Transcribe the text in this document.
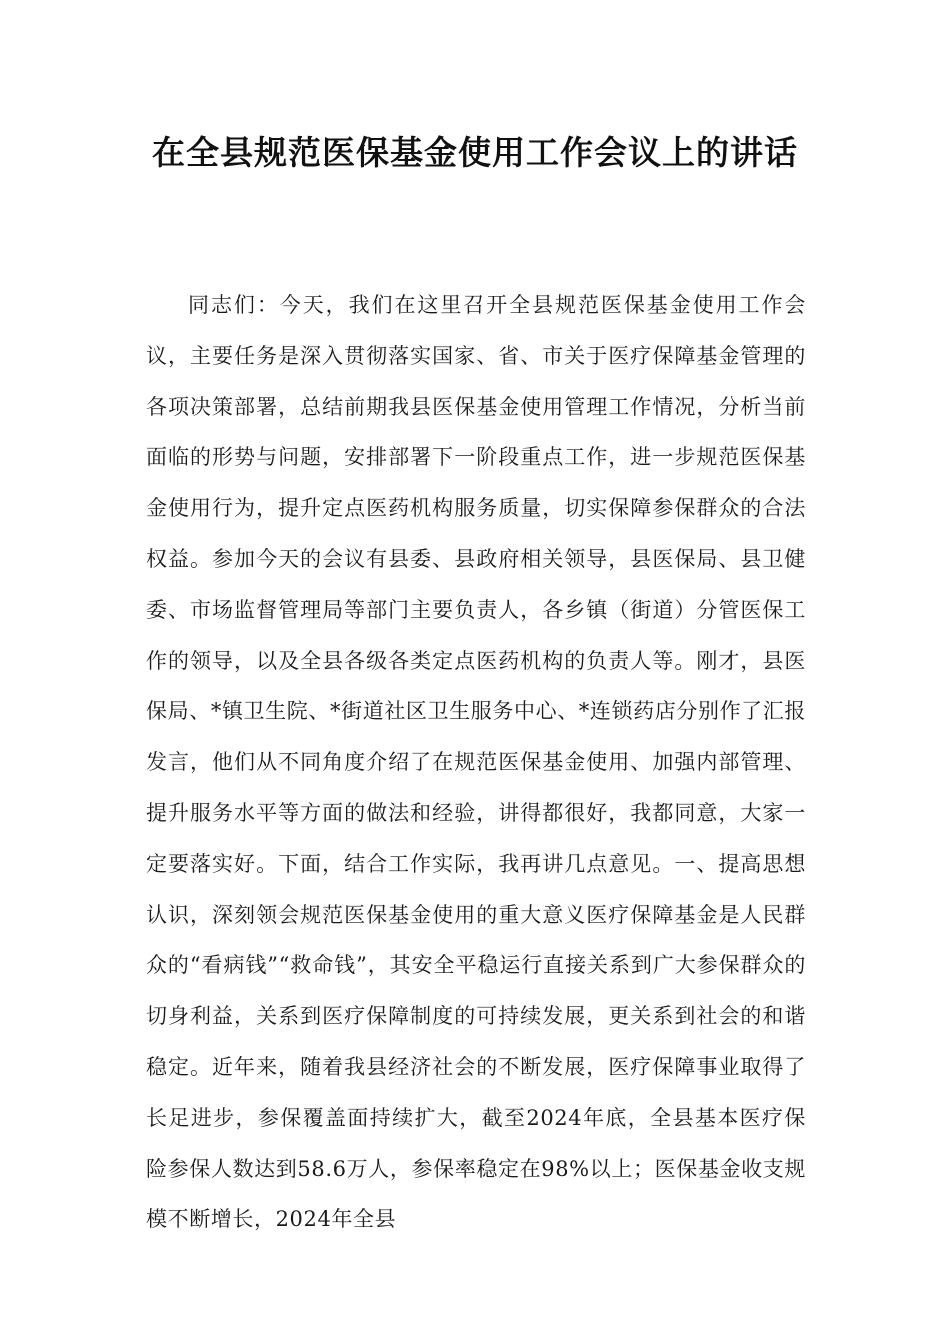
在全县规范医保基金使用工作会议上的讲话

同志们：今天，我们在这里召开全县规范医保基金使用工作会议，主要任务是深入贯彻落实国家、省、市关于医疗保障基金管理的各项决策部署，总结前期我县医保基金使用管理工作情况，分析当前面临的形势与问题，安排部署下一阶段重点工作，进一步规范医保基金使用行为，提升定点医药机构服务质量，切实保障参保群众的合法权益。参加今天的会议有县委、县政府相关领导，县医保局、县卫健委、市场监督管理局等部门主要负责人，各乡镇（街道）分管医保工作的领导，以及全县各级各类定点医药机构的负责人等。刚才，县医保局、*镇卫生院、*街道社区卫生服务中心、*连锁药店分别作了汇报发言，他们从不同角度介绍了在规范医保基金使用、加强内部管理、提升服务水平等方面的做法和经验，讲得都很好，我都同意，大家一定要落实好。下面，结合工作实际，我再讲几点意见。一、提高思想认识，深刻领会规范医保基金使用的重大意义医疗保障基金是人民群众的“看病钱”“救命钱”，其安全平稳运行直接关系到广大参保群众的切身利益，关系到医疗保障制度的可持续发展，更关系到社会的和谐稳定。近年来，随着我县经济社会的不断发展，医疗保障事业取得了长足进步，参保覆盖面持续扩大，截至2024年底，全县基本医疗保险参保人数达到58.6万人，参保率稳定在98%以上；医保基金收支规模不断增长，2024年全县
